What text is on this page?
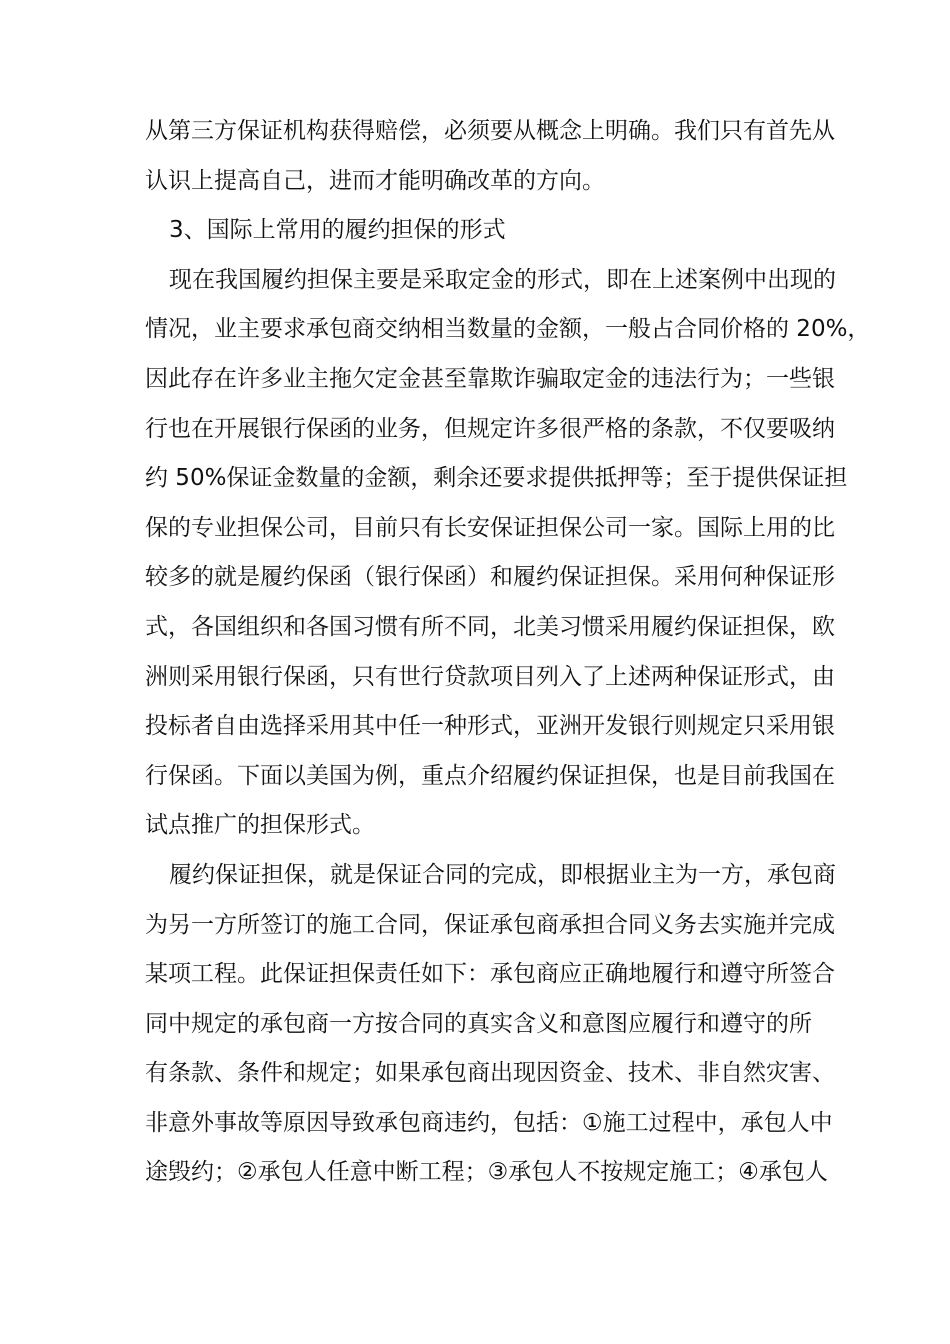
从第三方保证机构获得赔偿，必须要从概念上明确。我们只有首先从
认识上提高自己，进而才能明确改革的方向。
3、国际上常用的履约担保的形式
现在我国履约担保主要是采取定金的形式，即在上述案例中出现的
情况，业主要求承包商交纳相当数量的金额，一般占合同价格的 20%，
因此存在许多业主拖欠定金甚至靠欺诈骗取定金的违法行为；一些银
行也在开展银行保函的业务，但规定许多很严格的条款，不仅要吸纳
约 50%保证金数量的金额，剩余还要求提供抵押等；至于提供保证担
保的专业担保公司，目前只有长安保证担保公司一家。国际上用的比
较多的就是履约保函（银行保函）和履约保证担保。采用何种保证形
式，各国组织和各国习惯有所不同，北美习惯采用履约保证担保，欧
洲则采用银行保函，只有世行贷款项目列入了上述两种保证形式，由
投标者自由选择采用其中任一种形式，亚洲开发银行则规定只采用银
行保函。下面以美国为例，重点介绍履约保证担保，也是目前我国在
试点推广的担保形式。
履约保证担保，就是保证合同的完成，即根据业主为一方，承包商
为另一方所签订的施工合同，保证承包商承担合同义务去实施并完成
某项工程。此保证担保责任如下：承包商应正确地履行和遵守所签合
同中规定的承包商一方按合同的真实含义和意图应履行和遵守的所
有条款、条件和规定；如果承包商出现因资金、技术、非自然灾害、
非意外事故等原因导致承包商违约，包括：①施工过程中，承包人中
途毁约；②承包人任意中断工程；③承包人不按规定施工；④承包人
